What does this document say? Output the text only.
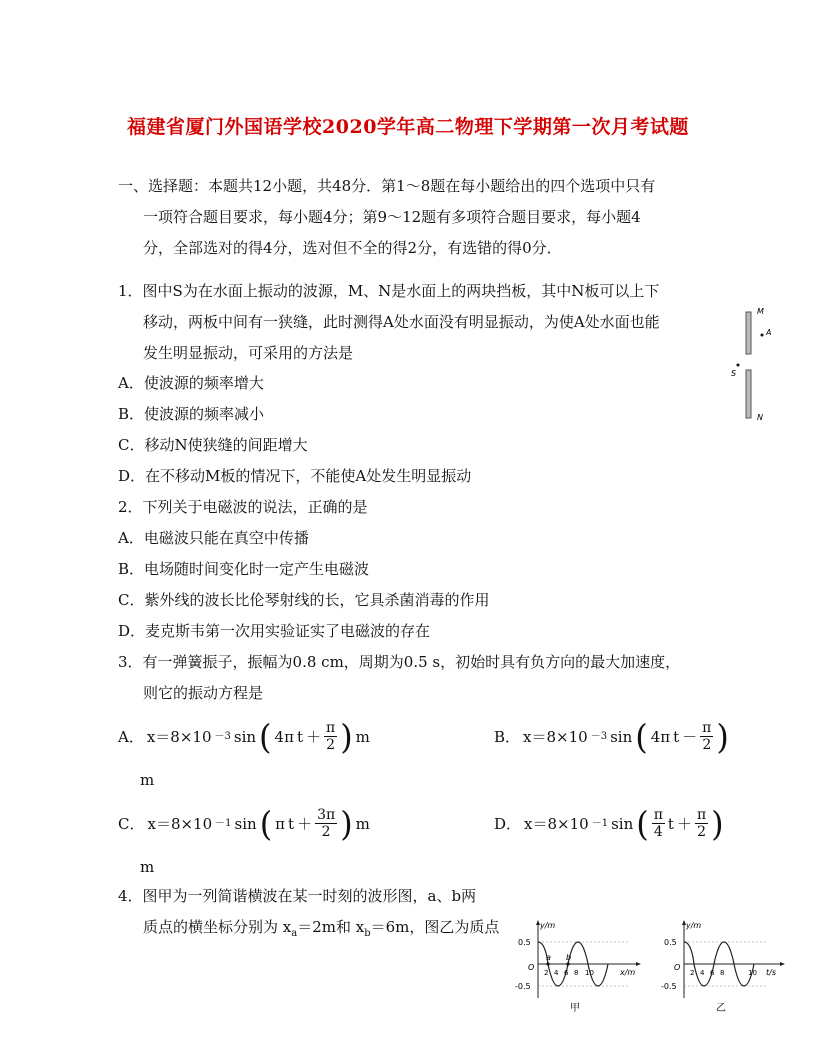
福建省厦门外国语学校2020学年高二物理下学期第一次月考试题
一、选择题：本题共12小题，共48分．第1～8题在每小题给出的四个选项中只有
一项符合题目要求，每小题4分；第9～12题有多项符合题目要求，每小题4
分，全部选对的得4分，选对但不全的得2分，有选错的得0分．
1．图中S为在水面上振动的波源，M、N是水面上的两块挡板，其中N板可以上下
移动，两板中间有一狭缝，此时测得A处水面没有明显振动，为使A处水面也能
发生明显振动，可采用的方法是
A．使波源的频率增大
B．使波源的频率减小
C．移动N使狭缝的间距增大
D．在不移动M板的情况下，不能使A处发生明显振动
M
A
S
N
2．下列关于电磁波的说法，正确的是
A．电磁波只能在真空中传播
B．电场随时间变化时一定产生电磁波
C．紫外线的波长比伦琴射线的长，它具杀菌消毒的作用
D．麦克斯韦第一次用实验证实了电磁波的存在
3．有一弹簧振子，振幅为0.8 cm，周期为0.5 s，初始时具有负方向的最大加速度，
则它的振动方程是
A． x＝8×10 －3 sin ( 4π $t + \frac{\pi}{2}$ ) m
m
B． x＝8×10 －3 sin ( 4π $t - \frac{\pi}{2}$ )
C． x＝8×10 －1 sin ( π $t + \frac{3\pi}{2}$ ) m
m
D． x＝8×10 －1 sin ( $\frac{\pi}{4}$ $t + \frac{\pi}{2}$ )
4．图甲为一列简谐横波在某一时刻的波形图，a、b两
质点的横坐标分别为 $x_a=2m$和 $x_b=6m$，图乙为质点	y/m
0.5
-0.5
O
2 4 6 8 10	x/m
a b
甲
y/m
0.5
-0.5
O
2 4 6 8	10 t/s
乙
